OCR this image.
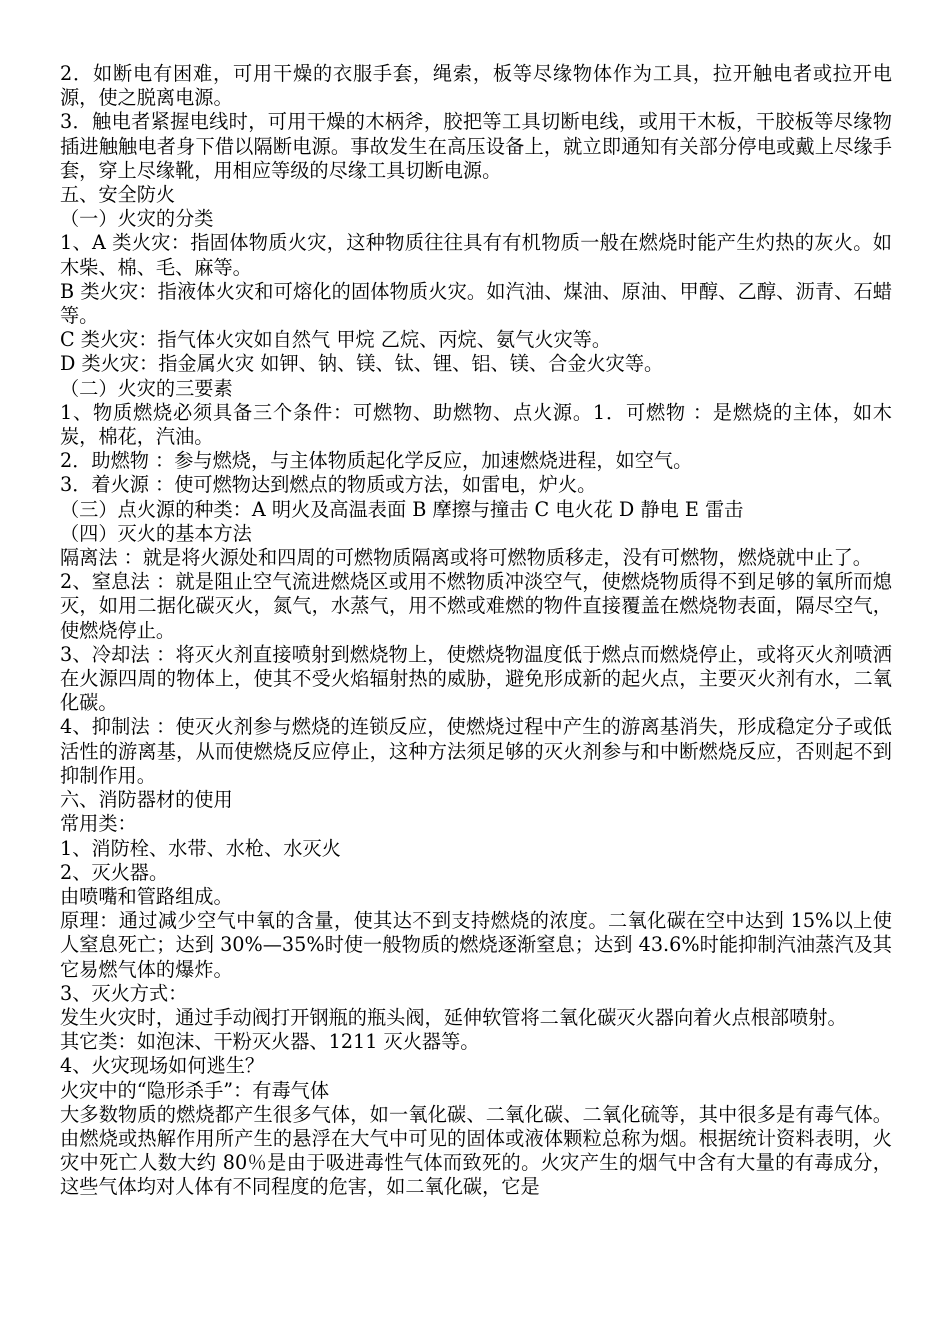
2．如断电有困难，可用干燥的衣服手套，绳索，板等尽缘物体作为工具，拉开触电者或拉开电源，使之脱离电源。

3．触电者紧握电线时，可用干燥的木柄斧，胶把等工具切断电线，或用干木板，干胶板等尽缘物插进触触电者身下借以隔断电源。事故发生在高压设备上，就立即通知有关部分停电或戴上尽缘手套，穿上尽缘靴，用相应等级的尽缘工具切断电源。

五、安全防火

（一）火灾的分类

1、A 类火灾：指固体物质火灾，这种物质往往具有有机物质一般在燃烧时能产生灼热的灰火。如木柴、棉、毛、麻等。

B 类火灾：指液体火灾和可熔化的固体物质火灾。如汽油、煤油、原油、甲醇、乙醇、沥青、石蜡等。

C 类火灾：指气体火灾如自然气 甲烷 乙烷、丙烷、氨气火灾等。

D 类火灾：指金属火灾 如钾、钠、镁、钛、锂、铝、镁、合金火灾等。

（二）火灾的三要素

1、物质燃烧必须具备三个条件：可燃物、助燃物、点火源。1．可燃物 ：是燃烧的主体，如木炭，棉花，汽油。

2．助燃物 ：参与燃烧，与主体物质起化学反应，加速燃烧进程，如空气。

3．着火源 ：使可燃物达到燃点的物质或方法，如雷电，炉火。

（三）点火源的种类：A 明火及高温表面 B 摩擦与撞击 C 电火花 D 静电 E 雷击

（四）灭火的基本方法

隔离法 ：就是将火源处和四周的可燃物质隔离或将可燃物质移走，没有可燃物，燃烧就中止了。

2、窒息法 ：就是阻止空气流进燃烧区或用不燃物质冲淡空气，使燃烧物质得不到足够的氧所而熄灭，如用二据化碳灭火，氮气，水蒸气，用不燃或难燃的物件直接覆盖在燃烧物表面，隔尽空气，使燃烧停止。

3、冷却法 ：将灭火剂直接喷射到燃烧物上，使燃烧物温度低于燃点而燃烧停止，或将灭火剂喷洒在火源四周的物体上，使其不受火焰辐射热的威胁，避免形成新的起火点，主要灭火剂有水，二氧化碳。

4、抑制法 ：使灭火剂参与燃烧的连锁反应，使燃烧过程中产生的游离基消失，形成稳定分子或低活性的游离基，从而使燃烧反应停止，这种方法须足够的灭火剂参与和中断燃烧反应，否则起不到抑制作用。

六、消防器材的使用

常用类：

1、消防栓、水带、水枪、水灭火

2、灭火器。

由喷嘴和管路组成。

原理：通过减少空气中氧的含量，使其达不到支持燃烧的浓度。二氧化碳在空中达到 15%以上使人窒息死亡；达到 30%—35%时使一般物质的燃烧逐渐窒息；达到 43.6%时能抑制汽油蒸汽及其它易燃气体的爆炸。

3、灭火方式：

发生火灾时，通过手动阀打开钢瓶的瓶头阀，延伸软管将二氧化碳灭火器向着火点根部喷射。

其它类：如泡沫、干粉灭火器、1211 灭火器等。

4、火灾现场如何逃生？

火灾中的“隐形杀手”：有毒气体

大多数物质的燃烧都产生很多气体，如一氧化碳、二氧化碳、二氧化硫等，其中很多是有毒气体。由燃烧或热解作用所产生的悬浮在大气中可见的固体或液体颗粒总称为烟。根据统计资料表明，火灾中死亡人数大约 80％是由于吸进毒性气体而致死的。火灾产生的烟气中含有大量的有毒成分，这些气体均对人体有不同程度的危害，如二氧化碳，它是
